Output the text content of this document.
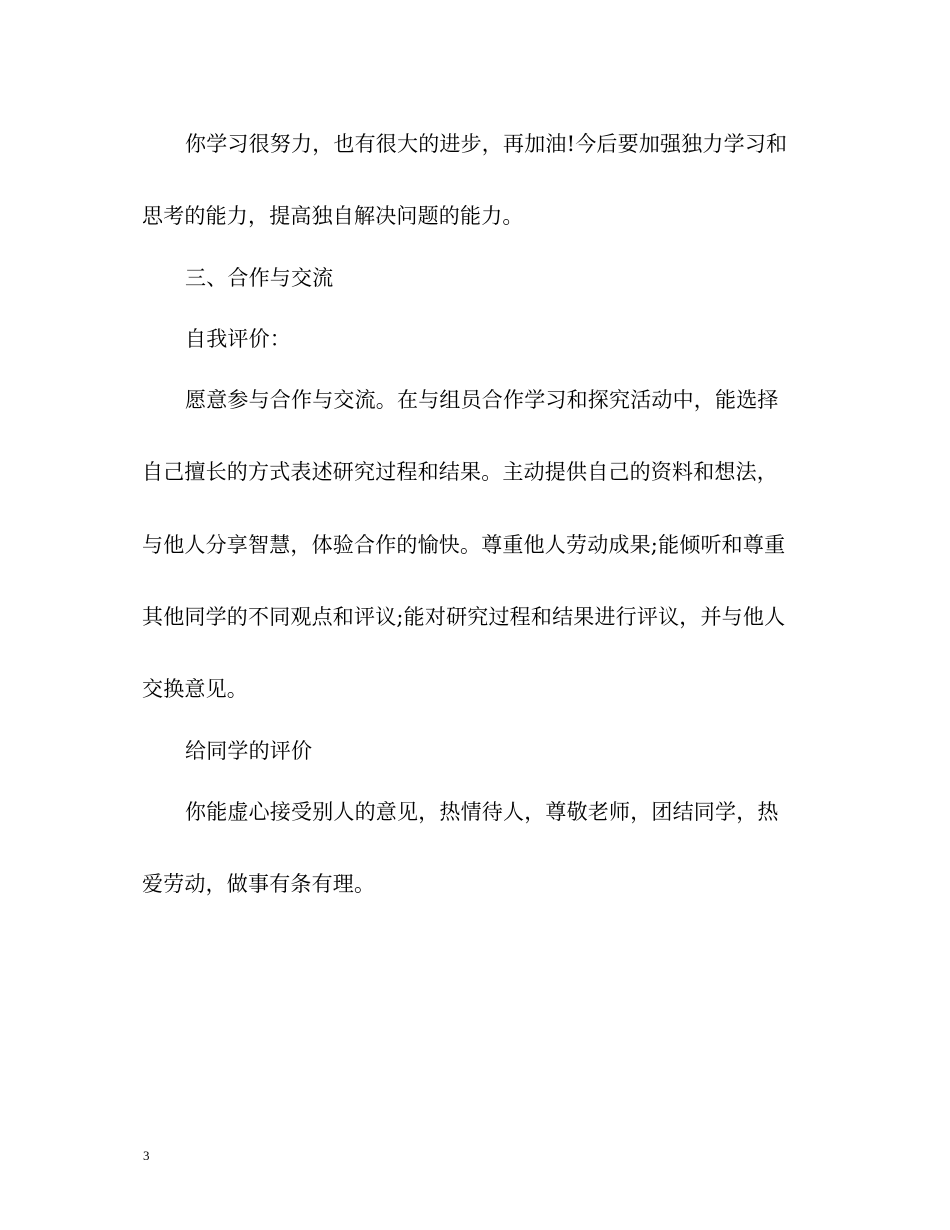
你学习很努力，也有很大的进步，再加油!今后要加强独力学习和
思考的能力，提高独自解决问题的能力。
三、合作与交流
自我评价：
愿意参与合作与交流。在与组员合作学习和探究活动中，能选择
自己擅长的方式表述研究过程和结果。主动提供自己的资料和想法，
与他人分享智慧，体验合作的愉快。尊重他人劳动成果;能倾听和尊重
其他同学的不同观点和评议;能对研究过程和结果进行评议，并与他人
交换意见。
给同学的评价
你能虚心接受别人的意见，热情待人，尊敬老师，团结同学，热
爱劳动，做事有条有理。
3
